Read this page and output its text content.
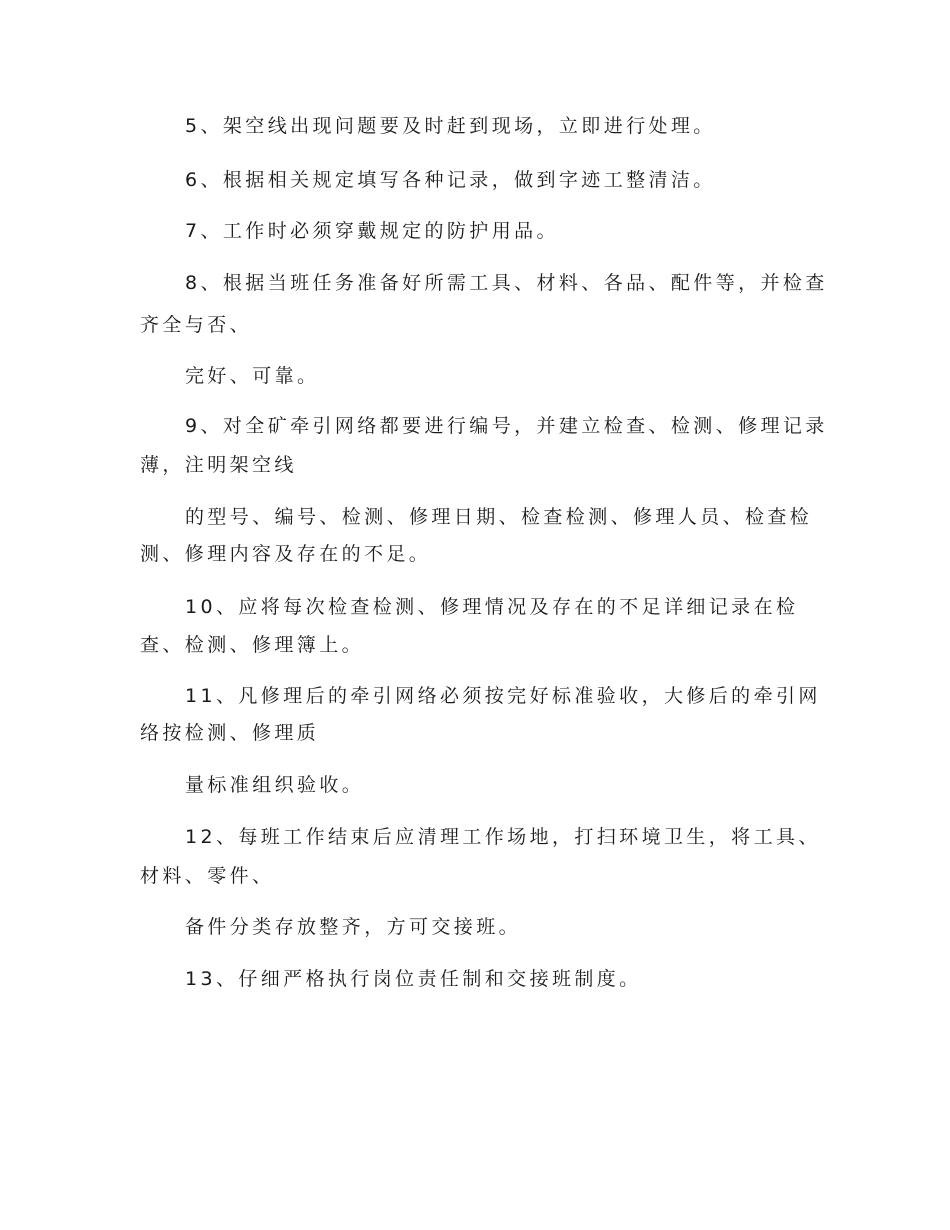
5、架空线出现问题要及时赶到现场，立即进行处理。
6、根据相关规定填写各种记录，做到字迹工整清洁。
7、工作时必须穿戴规定的防护用品。
8、根据当班任务准备好所需工具、材料、各品、配件等，并检查
齐全与否、
完好、可靠。
9、对全矿牵引网络都要进行编号，并建立检查、检测、修理记录
薄，注明架空线
的型号、编号、检测、修理日期、检查检测、修理人员、检查检
测、修理内容及存在的不足。
10、应将每次检查检测、修理情况及存在的不足详细记录在检
查、检测、修理簿上。
11、凡修理后的牵引网络必须按完好标准验收，大修后的牵引网
络按检测、修理质
量标准组织验收。
12、每班工作结束后应清理工作场地，打扫环境卫生，将工具、
材料、零件、
备件分类存放整齐，方可交接班。
13、仔细严格执行岗位责任制和交接班制度。
